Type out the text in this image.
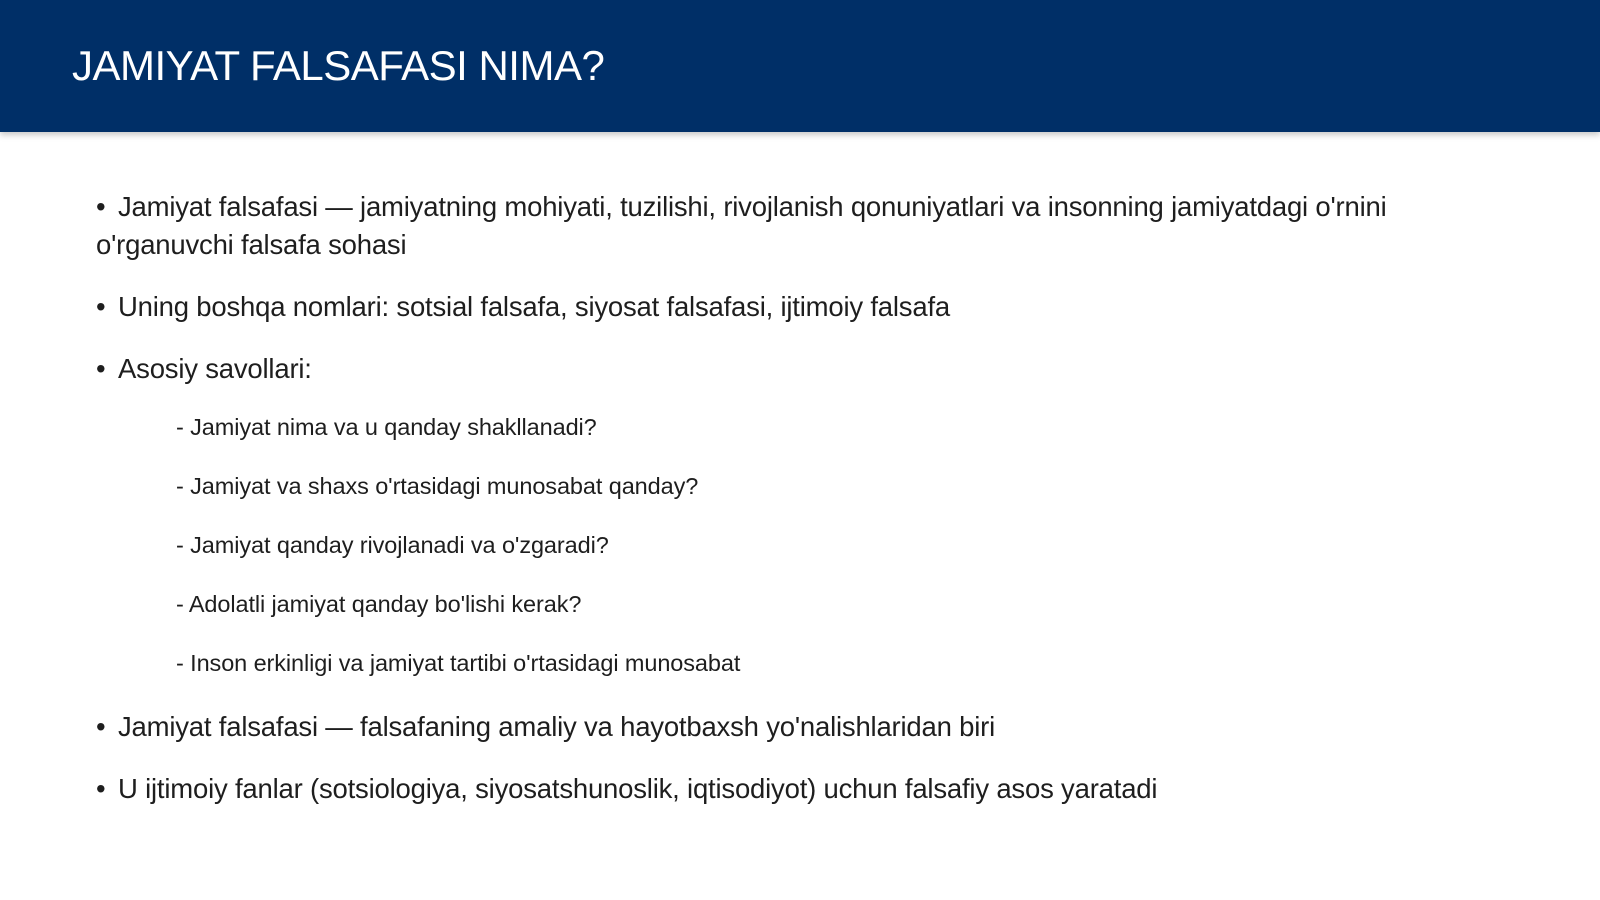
JAMIYAT FALSAFASI NIMA?

• Jamiyat falsafasi — jamiyatning mohiyati, tuzilishi, rivojlanish qonuniyatlari va insonning jamiyatdagi o'rnini o'rganuvchi falsafa sohasi

• Uning boshqa nomlari: sotsial falsafa, siyosat falsafasi, ijtimoiy falsafa

• Asosiy savollari:

- Jamiyat nima va u qanday shakllanadi?

- Jamiyat va shaxs o'rtasidagi munosabat qanday?

- Jamiyat qanday rivojlanadi va o'zgaradi?

- Adolatli jamiyat qanday bo'lishi kerak?

- Inson erkinligi va jamiyat tartibi o'rtasidagi munosabat

• Jamiyat falsafasi — falsafaning amaliy va hayotbaxsh yo'nalishlaridan biri

• U ijtimoiy fanlar (sotsiologiya, siyosatshunoslik, iqtisodiyot) uchun falsafiy asos yaratadi
